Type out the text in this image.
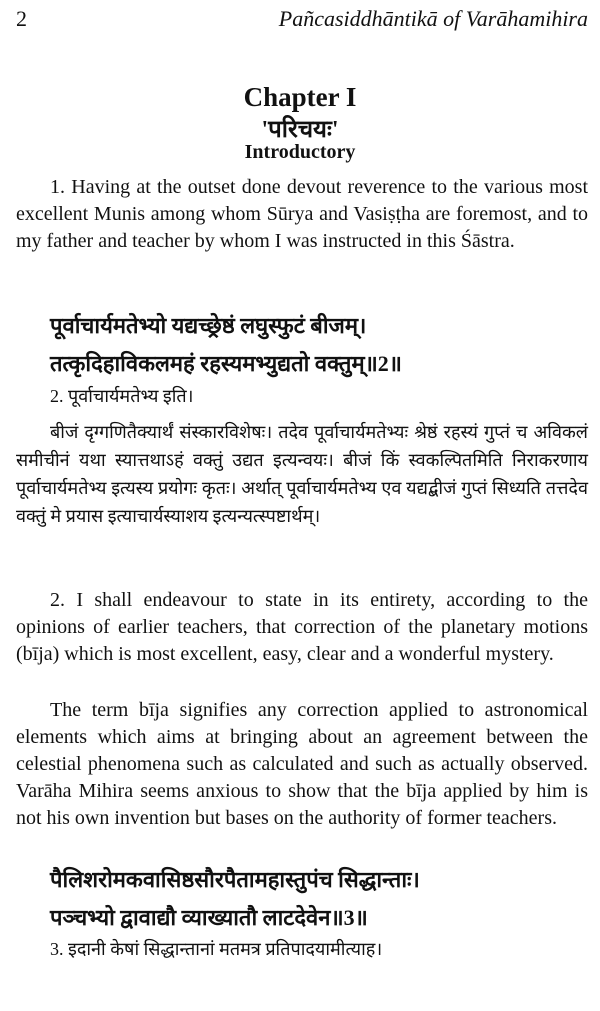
2	Pañcasiddhāntikā of Varāhamihira
Chapter I
'परिचयः'
Introductory
1. Having at the outset done devout reverence to the various most excellent Munis among whom Sūrya and Vasiṣṭha are foremost, and to my father and teacher by whom I was instructed in this Śāstra.
पूर्वाचार्यमतेभ्यो यद्यच्छ्रेष्ठं लघुस्फुटं बीजम्।
तत्कृदिहाविकलमहं रहस्यमभ्युद्यतो वक्तुम्॥2॥
2. पूर्वाचार्यमतेभ्य इति।
बीजं दृग्गणितैक्यार्थं संस्कारविशेषः। तदेव पूर्वाचार्यमतेभ्यः श्रेष्ठं रहस्यं गुप्तं च अविकलं समीचीनं यथा स्यात्तथाऽहं वक्तुं उद्यत इत्यन्वयः। बीजं किं स्वकल्पितमिति निराकरणाय पूर्वाचार्यमतेभ्य इत्यस्य प्रयोगः कृतः। अर्थात् पूर्वाचार्यमतेभ्य एव यद्यद्बीजं गुप्तं सिध्यति तत्तदेव वक्तुं मे प्रयास इत्याचार्यस्याशय इत्यन्यत्स्पष्टार्थम्।
2. I shall endeavour to state in its entirety, according to the opinions of earlier teachers, that correction of the planetary motions (bīja) which is most excellent, easy, clear and a wonderful mystery.
The term bīja signifies any correction applied to astronomical elements which aims at bringing about an agreement between the celestial phenomena such as calculated and such as actually observed. Varāha Mihira seems anxious to show that the bīja applied by him is not his own invention but bases on the authority of former teachers.
पैलिशरोमकवासिष्ठसौरपैतामहास्तुपंच सिद्धान्ताः।
पञ्चभ्यो द्वावाद्यौ व्याख्यातौ लाटदेवेन॥3॥
3. इदानी केषां सिद्धान्तानां मतमत्र प्रतिपादयामीत्याह।
